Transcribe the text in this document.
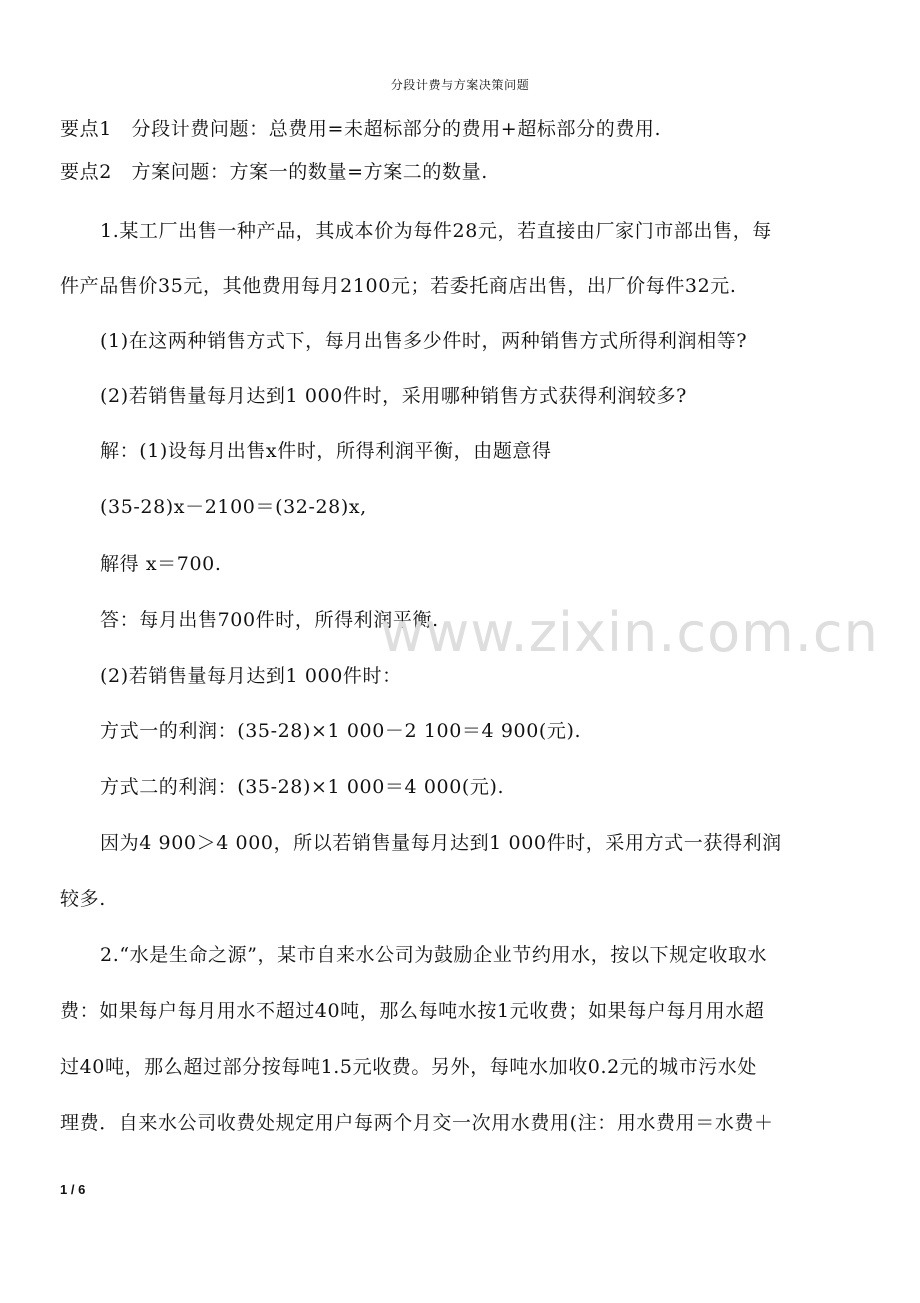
分段计费与方案决策问题
要点1　分段计费问题：总费用=未超标部分的费用+超标部分的费用.
要点2　方案问题：方案一的数量=方案二的数量.
1.某工厂出售一种产品，其成本价为每件28元，若直接由厂家门市部出售，每
件产品售价35元，其他费用每月2100元；若委托商店出售，出厂价每件32元.
(1)在这两种销售方式下，每月出售多少件时，两种销售方式所得利润相等?
(2)若销售量每月达到1 000件时，采用哪种销售方式获得利润较多?
解：(1)设每月出售x件时，所得利润平衡，由题意得
(35-28)x－2100＝(32-28)x,
解得 x＝700.
答：每月出售700件时，所得利润平衡.
(2)若销售量每月达到1 000件时：
方式一的利润：(35-28)×1 000－2 100＝4 900(元).
方式二的利润：(35-28)×1 000＝4 000(元).
因为4 900＞4 000，所以若销售量每月达到1 000件时，采用方式一获得利润
较多.
2.“水是生命之源”，某市自来水公司为鼓励企业节约用水，按以下规定收取水
费：如果每户每月用水不超过40吨，那么每吨水按1元收费；如果每户每月用水超
过40吨，那么超过部分按每吨1.5元收费。另外，每吨水加收0.2元的城市污水处
理费．自来水公司收费处规定用户每两个月交一次用水费用(注：用水费用＝水费＋
www.zixin.com.cn
1 / 6
